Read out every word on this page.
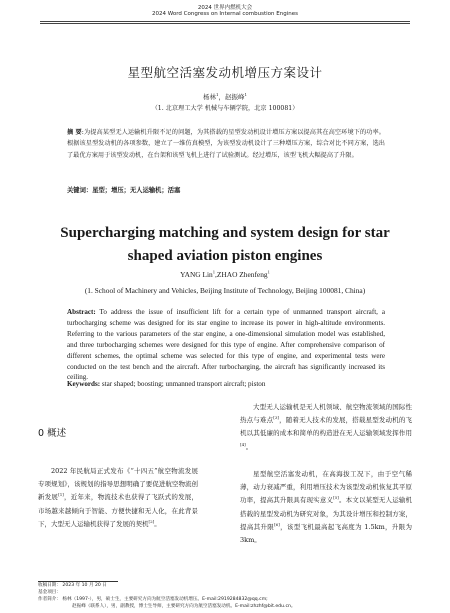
2024 世界内燃机大会
2024 Word Congress on Internal combustion Engines
星型航空活塞发动机增压方案设计
杨林$^1$，赵振峰$^1$
（1. 北京理工大学 机械与车辆学院，北京 100081）
摘 要:为提高某型无人运输机升限不足的问题，为其搭载的星型发动机设计增压方案以提高其在高空环境下的功率。根据该星型发动机的各项参数，建立了一维仿真模型，为该型发动机设计了三种增压方案，综合对比不同方案，选出了最优方案用于该型发动机，在台架和该型飞机上进行了试验测试。经过增压，该型飞机大幅提高了升限。
关键词：星型；增压；无人运输机；活塞
Supercharging matching and system design for star
shaped aviation piston engines
YANG Lin$^1$,ZHAO Zhenfeng$^1$
(1. School of Machinery and Vehicles, Beijing Institute of Technology, Beijing 100081, China)
Abstract: To address the issue of insufficient lift for a certain type of unmanned transport aircraft, a turbocharging scheme was designed for its star engine to increase its power in high-altitude environments. Referring to the various parameters of the star engine, a one-dimensional simulation model was established, and three turbocharging schemes were designed for this type of engine. After comprehensive comparison of different schemes, the optimal scheme was selected for this type of engine, and experimental tests were conducted on the test bench and the aircraft. After turbocharging, the aircraft has significantly increased its ceiling.
Keywords: star shaped; boosting; unmanned transport aircraft; piston
0 概述

2022 年民航局正式发布《“十四五”航空物流发展专项规划》，该规划的指导思想明确了要促进航空物流创新发展[1]，近年来，物流技术也获得了飞跃式的发展，市场越来越倾向于智能、方便快捷和无人化，在此背景下，大型无人运输机获得了发展的契机[2]。

大型无人运输机是无人机领域、航空物流领域的国际性热点与难点[3]，随着无人技术的发展，搭载星型发动机的飞机以其低廉的成本和简单的构造进在无人运输领域发挥作用[4]。

星型航空活塞发动机，在高海拔工况下，由于空气稀薄，动力衰减严重，利用增压技术为该型发动机恢复其平原功率，提高其升限具有现实意义[5]。本文以某型无人运输机搭载的星型发动机为研究对象，为其设计增压和控制方案，提高其升限[6]，该型飞机最高起飞高度为 1.5km，升限为 3km。

收稿日期： 2023 年 10 月 20 日
基金项目：
作者简介： 杨林（1997-），男，硕士生，主要研究方向为航空活塞发动机增压。E-mail:2919284832@qq.cm;
赵振峰（联系人），男，副教授，博士生导师，主要研究方向为航空活塞发动机。E-mail:zhzhf@bit.edu.cn。
